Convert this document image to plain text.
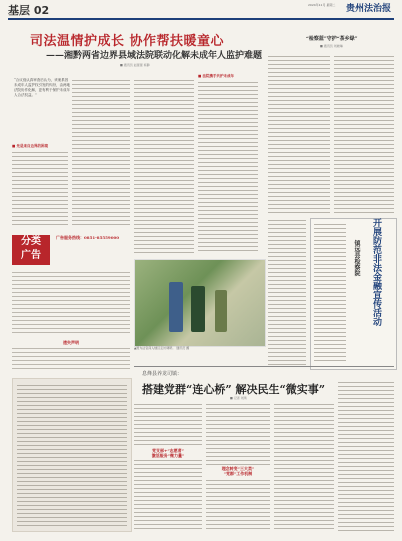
基层 02	2024年11月 星期二 贵州法治报
司法温情护成长 协作帮扶暖童心
——湘黔两省边界县域法院联动化解未成年人监护难题
■ 通讯员 赵蕾蕾 杨静
“合议庭认真审查后认为，该案系因未成年人监护权引发的纠纷，由两地法院协作化解，更有利于保护未成年人合法权益。”
■ 先是来自边界的困境
■ 法院携手共护未成年
▲图为法官深入辖区走访调研。 通讯员 摄
分类
广告
广告服务热线：0851-85559000
遗失声明
“检察蓝”守护“茶乡绿”
■ 通讯员 刘晓琳
开展防范非法金融宣传活动
镇远县检察院
息烽县养龙司镇：
搭建党群“连心桥” 解决民生“微实事”
■ 记者 刘琦
党支部+“志愿者”
激活服务“微力量”
理念转变“三大类”
“党群”工作机制
